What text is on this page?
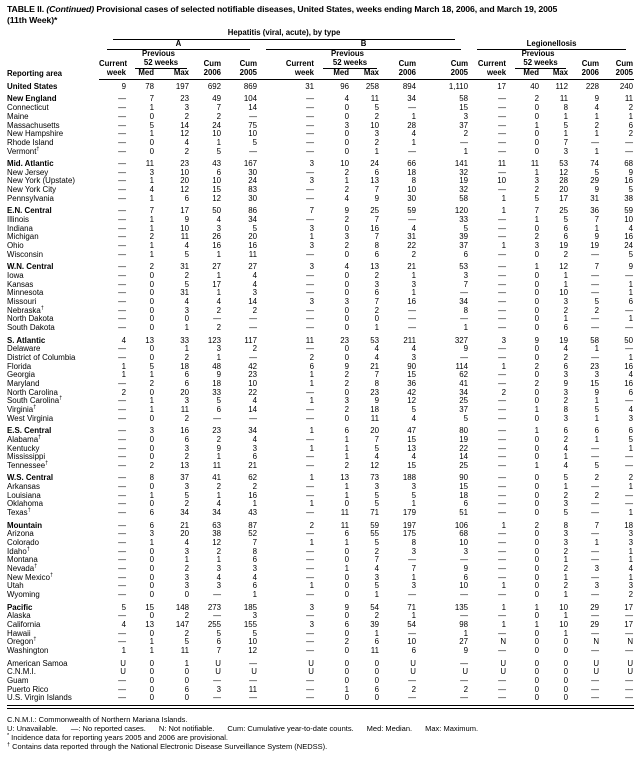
TABLE II. (Continued) Provisional cases of selected notifiable diseases, United States, weeks ending March 18, 2006, and March 19, 2005
(11th Week)*
Reporting area	Hepatitis (viral, acute), by type														

	A					B					Legionellosis				

		Previous					Previous					Previous			
	Current	52 weeks		Cum	Cum	Current	52 weeks		Cum	Cum	Current	52 weeks		Cum	Cum
	week	Med	Max	2006	2005	week	Med	Max	2006	2005	week	Med	Max	2006	2005
United States	9	78	197	692	869	31	96	258	894	1,110	17	40	112	228	240
New England	—	7	23	49	104	—	4	11	34	58	—	2	11	9	11
Connecticut	—	1	3	7	14	—	0	5	—	15	—	0	8	4	2
Maine	—	0	2	2	—	—	0	2	1	3	—	0	1	1	1
Massachusetts	—	5	14	24	75	—	3	10	28	37	—	1	5	2	6
New Hampshire	—	1	12	10	10	—	0	3	4	2	—	0	1	1	2
Rhode Island	—	0	4	1	5	—	0	2	1	—	—	0	7	—	—
Vermont†	—	0	2	5	—	—	0	1	—	1	—	0	3	1	—
Mid. Atlantic	—	11	23	43	167	3	10	24	66	141	11	11	53	74	68
New Jersey	—	3	10	6	30	—	2	6	18	32	—	1	12	5	9
New York (Upstate)	—	1	20	10	24	3	1	13	8	19	10	3	28	29	16
New York City	—	4	12	15	83	—	2	7	10	32	—	2	20	9	5
Pennsylvania	—	1	6	12	30	—	4	9	30	58	1	5	17	31	38
E.N. Central	—	7	17	50	86	7	9	25	59	120	1	7	25	36	59
Illinois	—	1	9	4	34	—	2	7	—	33	—	1	5	7	10
Indiana	—	1	10	3	5	3	0	16	4	5	—	0	6	1	4
Michigan	—	2	11	26	20	1	3	7	31	39	—	2	6	9	16
Ohio	—	1	4	16	16	3	2	8	22	37	1	3	19	19	24
Wisconsin	—	1	5	1	11	—	0	6	2	6	—	0	2	—	5
W.N. Central	—	2	31	27	27	3	4	13	21	53	—	1	12	7	9
Iowa	—	0	2	1	4	—	0	2	1	3	—	0	1	—	—
Kansas	—	0	5	17	4	—	0	3	3	7	—	0	1	—	1
Minnesota	—	0	31	1	3	—	0	6	1	—	—	0	10	—	1
Missouri	—	0	4	4	14	3	3	7	16	34	—	0	3	5	6
Nebraska†	—	0	3	2	2	—	0	2	—	8	—	0	2	2	—
North Dakota	—	0	0	—	—	—	0	0	—	—	—	0	1	—	1
South Dakota	—	0	1	2	—	—	0	1	—	1	—	0	6	—	—
S. Atlantic	4	13	33	123	117	11	23	53	211	327	3	9	19	58	50
Delaware	—	0	1	3	2	—	0	4	4	9	—	0	4	1	—
District of Columbia	—	0	2	1	—	2	0	4	3	—	—	0	2	—	1
Florida	1	5	18	48	42	6	9	21	90	114	1	2	6	23	16
Georgia	1	1	6	9	23	1	2	7	15	62	—	0	3	3	4
Maryland	—	2	6	18	10	1	2	8	36	41	—	2	9	15	16
North Carolina	2	0	20	33	22	—	0	23	42	34	2	0	3	9	6
South Carolina†	—	1	3	5	4	1	3	9	12	25	—	0	2	1	—
Virginia†	—	1	11	6	14	—	2	18	5	37	—	1	8	5	4
West Virginia	—	0	2	—	—	—	0	11	4	5	—	0	3	1	3
E.S. Central	—	3	16	23	34	1	6	20	47	80	—	1	6	6	6
Alabama†	—	0	6	2	4	—	1	7	15	19	—	0	2	1	5
Kentucky	—	0	3	9	3	1	1	5	13	22	—	0	4	—	1
Mississippi	—	0	2	1	6	—	1	4	4	14	—	0	1	—	—
Tennessee†	—	2	13	11	21	—	2	12	15	25	—	1	4	5	—
W.S. Central	—	8	37	41	62	1	13	73	188	90	—	0	5	2	2
Arkansas	—	0	3	2	2	—	1	3	3	15	—	0	1	—	1
Louisiana	—	1	5	1	16	—	1	5	5	18	—	0	2	2	—
Oklahoma	—	0	2	4	1	1	0	5	1	6	—	0	3	—	—
Texas†	—	6	34	34	43	—	11	71	179	51	—	0	5	—	1
Mountain	—	6	21	63	87	2	11	59	197	106	1	2	8	7	18
Arizona	—	3	20	38	52	—	6	55	175	68	—	0	3	—	3
Colorado	—	1	4	12	7	1	1	5	8	10	—	0	3	1	3
Idaho†	—	0	3	2	8	—	0	2	3	3	—	0	2	—	1
Montana	—	0	1	1	6	—	0	7	—	—	—	0	1	—	1
Nevada†	—	0	2	3	3	—	1	4	7	9	—	0	2	3	4
New Mexico†	—	0	3	4	4	—	0	3	1	6	—	0	1	—	1
Utah	—	0	3	3	6	1	0	5	3	10	1	0	2	3	3
Wyoming	—	0	0	—	1	—	0	1	—	—	—	0	1	—	2
Pacific	5	15	148	273	185	3	9	54	71	135	1	1	10	29	17
Alaska	—	0	2	—	3	—	0	2	1	—	—	0	1	—	—
California	4	13	147	255	155	3	6	39	54	98	1	1	10	29	17
Hawaii	—	0	2	5	5	—	0	1	—	1	—	0	1	—	—
Oregon†	—	1	5	6	10	—	2	6	10	27	N	0	0	N	N
Washington	1	1	11	7	12	—	0	11	6	9	—	0	0	—	—
American Samoa	U	0	1	U	—	U	0	0	U	—	U	0	0	U	U
C.N.M.I.	U	0	0	U	U	U	0	0	U	U	U	0	0	U	U
Guam	—	0	0	—	—	—	0	0	—	—	—	0	0	—	—
Puerto Rico	—	0	6	3	11	—	1	6	2	2	—	0	0	—	—
U.S. Virgin Islands	—	0	0	—	—	—	0	0	—	—	—	0	0	—	—
C.N.M.I.: Commonwealth of Northern Mariana Islands.
U: Unavailable. —: No reported cases. N: Not notifiable. Cum: Cumulative year-to-date counts. Med: Median. Max: Maximum.
* Incidence data for reporting years 2005 and 2006 are provisional.
† Contains data reported through the National Electronic Disease Surveillance System (NEDSS).
